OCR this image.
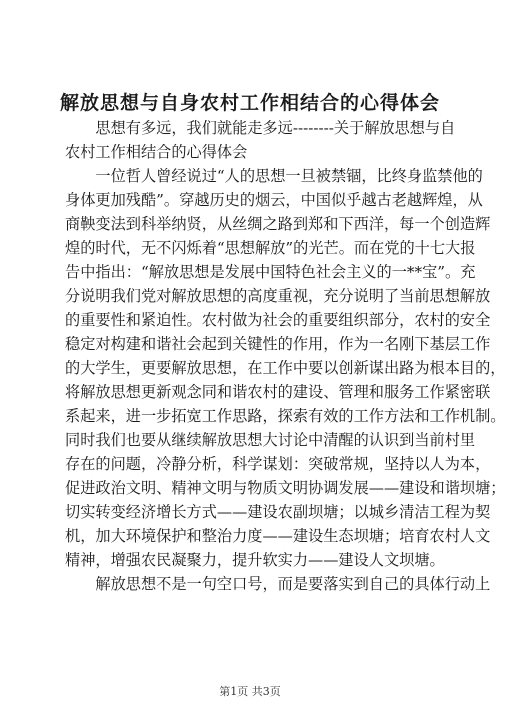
解放思想与自身农村工作相结合的心得体会
　　思想有多远，我们就能走多远--------关于解放思想与自
农村工作相结合的心得体会
　　一位哲人曾经说过“人的思想一旦被禁锢，比终身监禁他的
身体更加残酷”。穿越历史的烟云，中国似乎越古老越辉煌，从
商鞅变法到科举纳贤，从丝绸之路到郑和下西洋，每一个创造辉
煌的时代，无不闪烁着“思想解放”的光芒。而在党的十七大报
告中指出：“解放思想是发展中国特色社会主义的一**宝”。充
分说明我们党对解放思想的高度重视，充分说明了当前思想解放
的重要性和紧迫性。农村做为社会的重要组织部分，农村的安全
稳定对构建和谐社会起到关键性的作用，作为一名刚下基层工作
的大学生，更要解放思想，在工作中要以创新谋出路为根本目的，
将解放思想更新观念同和谐农村的建设、管理和服务工作紧密联
系起来，进一步拓宽工作思路，探索有效的工作方法和工作机制。
同时我们也要从继续解放思想大讨论中清醒的认识到当前村里
存在的问题，冷静分析，科学谋划：突破常规，坚持以人为本，
促进政治文明、精神文明与物质文明协调发展——建设和谐坝塘；
切实转变经济增长方式——建设农副坝塘；以城乡清洁工程为契
机，加大环境保护和整治力度——建设生态坝塘；培育农村人文
精神，增强农民凝聚力，提升软实力——建设人文坝塘。
　　解放思想不是一句空口号，而是要落实到自己的具体行动上
第1页 共3页
